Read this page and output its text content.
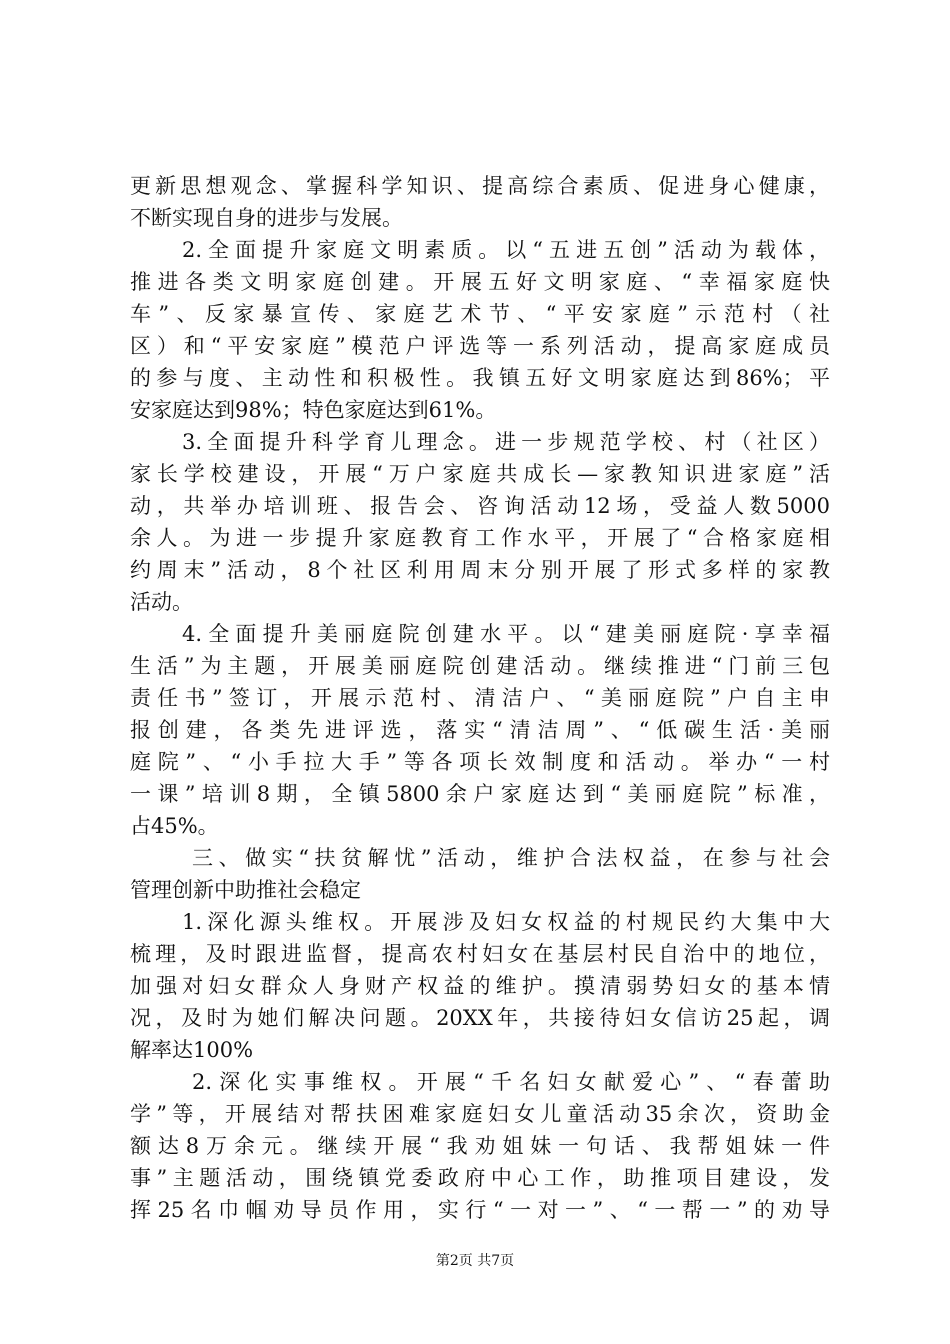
更新思想观念、掌握科学知识、提高综合素质、促进身心健康，
不断实现自身的进步与发展。
2.全面提升家庭文明素质。以“五进五创”活动为载体，
推进各类文明家庭创建。开展五好文明家庭、“幸福家庭快
车”、反家暴宣传、家庭艺术节、“平安家庭”示范村（社
区）和“平安家庭”模范户评选等一系列活动，提高家庭成员
的参与度、主动性和积极性。我镇五好文明家庭达到86%；平
安家庭达到98%；特色家庭达到61%。
3.全面提升科学育儿理念。进一步规范学校、村（社区）
家长学校建设，开展“万户家庭共成长—家教知识进家庭”活
动，共举办培训班、报告会、咨询活动12场，受益人数5000
余人。为进一步提升家庭教育工作水平，开展了“合格家庭相
约周末”活动，8个社区利用周末分别开展了形式多样的家教
活动。
4.全面提升美丽庭院创建水平。以“建美丽庭院·享幸福
生活”为主题，开展美丽庭院创建活动。继续推进“门前三包
责任书”签订，开展示范村、清洁户、“美丽庭院”户自主申
报创建，各类先进评选，落实“清洁周”、“低碳生活·美丽
庭院”、“小手拉大手”等各项长效制度和活动。举办“一村
一课”培训8期，全镇5800余户家庭达到“美丽庭院”标准，
占45%。
三、做实“扶贫解忧”活动，维护合法权益，在参与社会
管理创新中助推社会稳定
1.深化源头维权。开展涉及妇女权益的村规民约大集中大
梳理，及时跟进监督，提高农村妇女在基层村民自治中的地位，
加强对妇女群众人身财产权益的维护。摸清弱势妇女的基本情
况，及时为她们解决问题。20XX年，共接待妇女信访25起，调
解率达100%
2.深化实事维权。开展“千名妇女献爱心”、“春蕾助
学”等，开展结对帮扶困难家庭妇女儿童活动35余次，资助金
额达8万余元。继续开展“我劝姐妹一句话、我帮姐妹一件
事”主题活动，围绕镇党委政府中心工作，助推项目建设，发
挥25名巾帼劝导员作用，实行“一对一”、“一帮一”的劝导
第2页 共7页
